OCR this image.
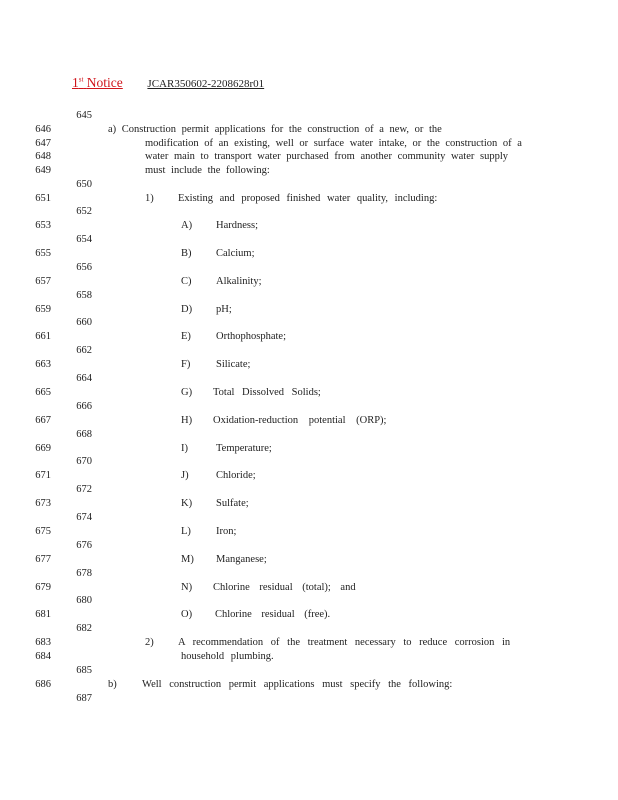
1st Notice JCAR350602-2208628r01
645
650
652
654
656
658
660
662
664
666
668
670
672
674
676
678
680
682
685
687
646
647
648
649
651
653
655
657
659
661
663
665
667
669
671
673
675
677
679
681
683
684
686
a) Construction permit applications for the construction of a new, or the
modification of an existing, well or surface water intake, or the construction of a
water main to transport water purchased from another community water supply
must include the following:
1) Existing and proposed finished water quality, including:
A) Hardness;
B) Calcium;
C) Alkalinity;
D) pH;
E) Orthophosphate;
F) Silicate;
G) Total Dissolved Solids;
H) Oxidation-reduction potential (ORP);
I)	Temperature;
J)	Chloride;
K) Sulfate;
L) Iron;
M) Manganese;
N) Chlorine residual (total); and
O) Chlorine residual (free).
2) A recommendation of the treatment necessary to reduce corrosion in
household plumbing.
b) Well construction permit applications must specify the following:
